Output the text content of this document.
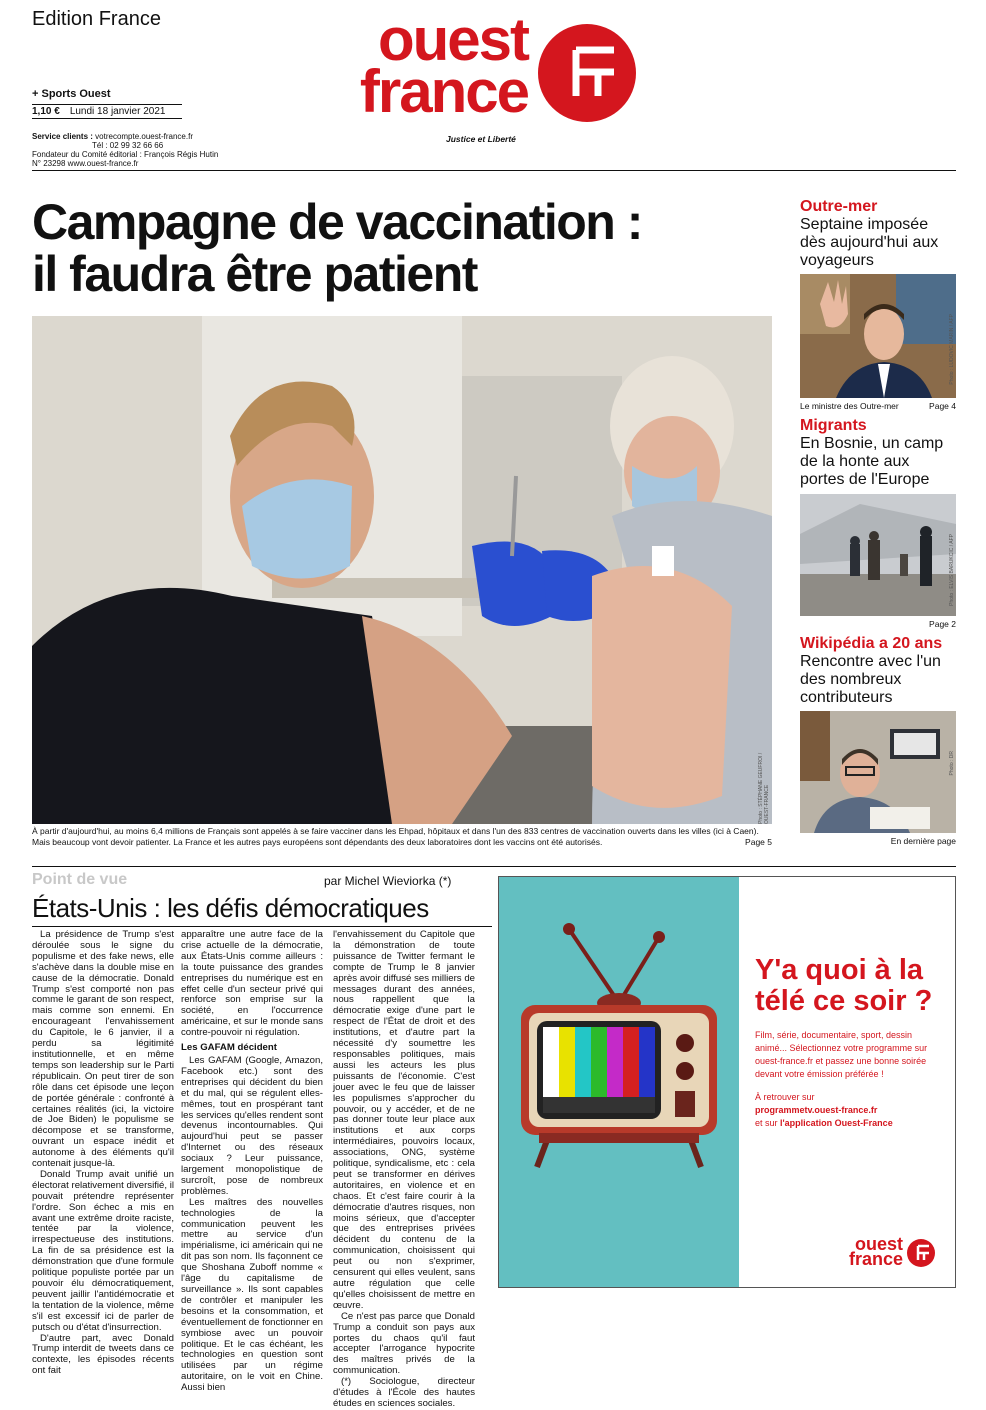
Edition France	ouest
france
Justice et Liberté
+ Sports Ouest
1,10 € Lundi 18 janvier 2021
Service clients : votrecompte.ouest-france.fr
Tél : 02 99 32 66 66
Fondateur du Comité éditorial : François Régis Hutin
N° 23298 www.ouest-france.fr
Campagne de vaccination :
il faudra être patient
Photo : STÉPHANE GEUFROI / OUEST-FRANCE
À partir d'aujourd'hui, au moins 6,4 millions de Français sont appelés à se faire vacciner dans les Ehpad, hôpitaux et dans l'un des 833 centres de vaccination ouverts dans les villes (ici à Caen). Mais beaucoup vont devoir patienter. La France et les autres pays européens sont dépendants des deux laboratoires dont les vaccins ont été autorisés.	Page 5
Outre-mer
Septaine imposée dès aujourd'hui aux voyageurs
Photo : LUDOVIC MARIN / AFP
Le ministre des Outre-mer	Page 4
Migrants
En Bosnie, un camp de la honte aux portes de l'Europe
Photo : ELVIS BARUKCIC / AFP
Page 2
Wikipédia a 20 ans
Rencontre avec l'un des nombreux contributeurs
Photo : DR
En dernière page
Point de vue	par Michel Wieviorka (*)
États-Unis : les défis démocratiques

La présidence de Trump s'est déroulée sous le signe du populisme et des fake news, elle s'achève dans la double mise en cause de la démocratie. Donald Trump s'est comporté non pas comme le garant de son respect, mais comme son ennemi. En encourageant l'envahissement du Capitole, le 6 janvier, il a perdu sa légitimité institutionnelle, et en même temps son leadership sur le Parti républicain. On peut tirer de son rôle dans cet épisode une leçon de portée générale : confronté à certaines réalités (ici, la victoire de Joe Biden) le populisme se décompose et se transforme, ouvrant un espace inédit et autonome à des éléments qu'il contenait jusque-là.

Donald Trump avait unifié un électorat relativement diversifié, il pouvait prétendre représenter l'ordre. Son échec a mis en avant une extrême droite raciste, tentée par la violence, irrespectueuse des institutions. La fin de sa présidence est la démonstration que d'une formule politique populiste portée par un pouvoir élu démocratiquement, peuvent jaillir l'antidémocratie et la tentation de la violence, même s'il est excessif ici de parler de putsch ou d'état d'insurrection.

D'autre part, avec Donald Trump interdit de tweets dans ce contexte, les épisodes récents ont fait

apparaître une autre face de la crise actuelle de la démocratie, aux États-Unis comme ailleurs : la toute puissance des grandes entreprises du numérique est en effet celle d'un secteur privé qui renforce son emprise sur la société, en l'occurrence américaine, et sur le monde sans contre-pouvoir ni régulation.

Les GAFAM décident

Les GAFAM (Google, Amazon, Facebook etc.) sont des entreprises qui décident du bien et du mal, qui se régulent elles-mêmes, tout en prospérant tant les services qu'elles rendent sont devenus incontournables. Qui aujourd'hui peut se passer d'Internet ou des réseaux sociaux ? Leur puissance, largement monopolistique de surcroît, pose de nombreux problèmes.

Les maîtres des nouvelles technologies de la communication peuvent les mettre au service d'un impérialisme, ici américain qui ne dit pas son nom. Ils façonnent ce que Shoshana Zuboff nomme « l'âge du capitalisme de surveillance ». Ils sont capables de contrôler et manipuler les besoins et la consommation, et éventuellement de fonctionner en symbiose avec un pouvoir politique. Et le cas échéant, les technologies en question sont utilisées par un régime autoritaire, on le voit en Chine. Aussi bien

l'envahissement du Capitole que la démonstration de toute puissance de Twitter fermant le compte de Trump le 8 janvier après avoir diffusé ses milliers de messages durant des années, nous rappellent que la démocratie exige d'une part le respect de l'État de droit et des institutions, et d'autre part la nécessité d'y soumettre les responsables politiques, mais aussi les acteurs les plus puissants de l'économie. C'est jouer avec le feu que de laisser les populismes s'approcher du pouvoir, ou y accéder, et de ne pas donner toute leur place aux institutions et aux corps intermédiaires, pouvoirs locaux, associations, ONG, système politique, syndicalisme, etc : cela peut se transformer en dérives autoritaires, en violence et en chaos. Et c'est faire courir à la démocratie d'autres risques, non moins sérieux, que d'accepter que des entreprises privées décident du contenu de la communication, choisissent qui peut ou non s'exprimer, censurent qui elles veulent, sans autre régulation que celle qu'elles choisissent de mettre en œuvre.

Ce n'est pas parce que Donald Trump a conduit son pays aux portes du chaos qu'il faut accepter l'arrogance hypocrite des maîtres privés de la communication.

(*) Sociologue, directeur d'études à l'École des hautes études en sciences sociales.

Y'a quoi à la télé ce soir ?
Film, série, documentaire, sport, dessin animé... Sélectionnez votre programme sur ouest-france.fr et passez une bonne soirée devant votre émission préférée !
À retrouver sur
programmetv.ouest-france.fr
et sur l'application Ouest-France
ouest
france
